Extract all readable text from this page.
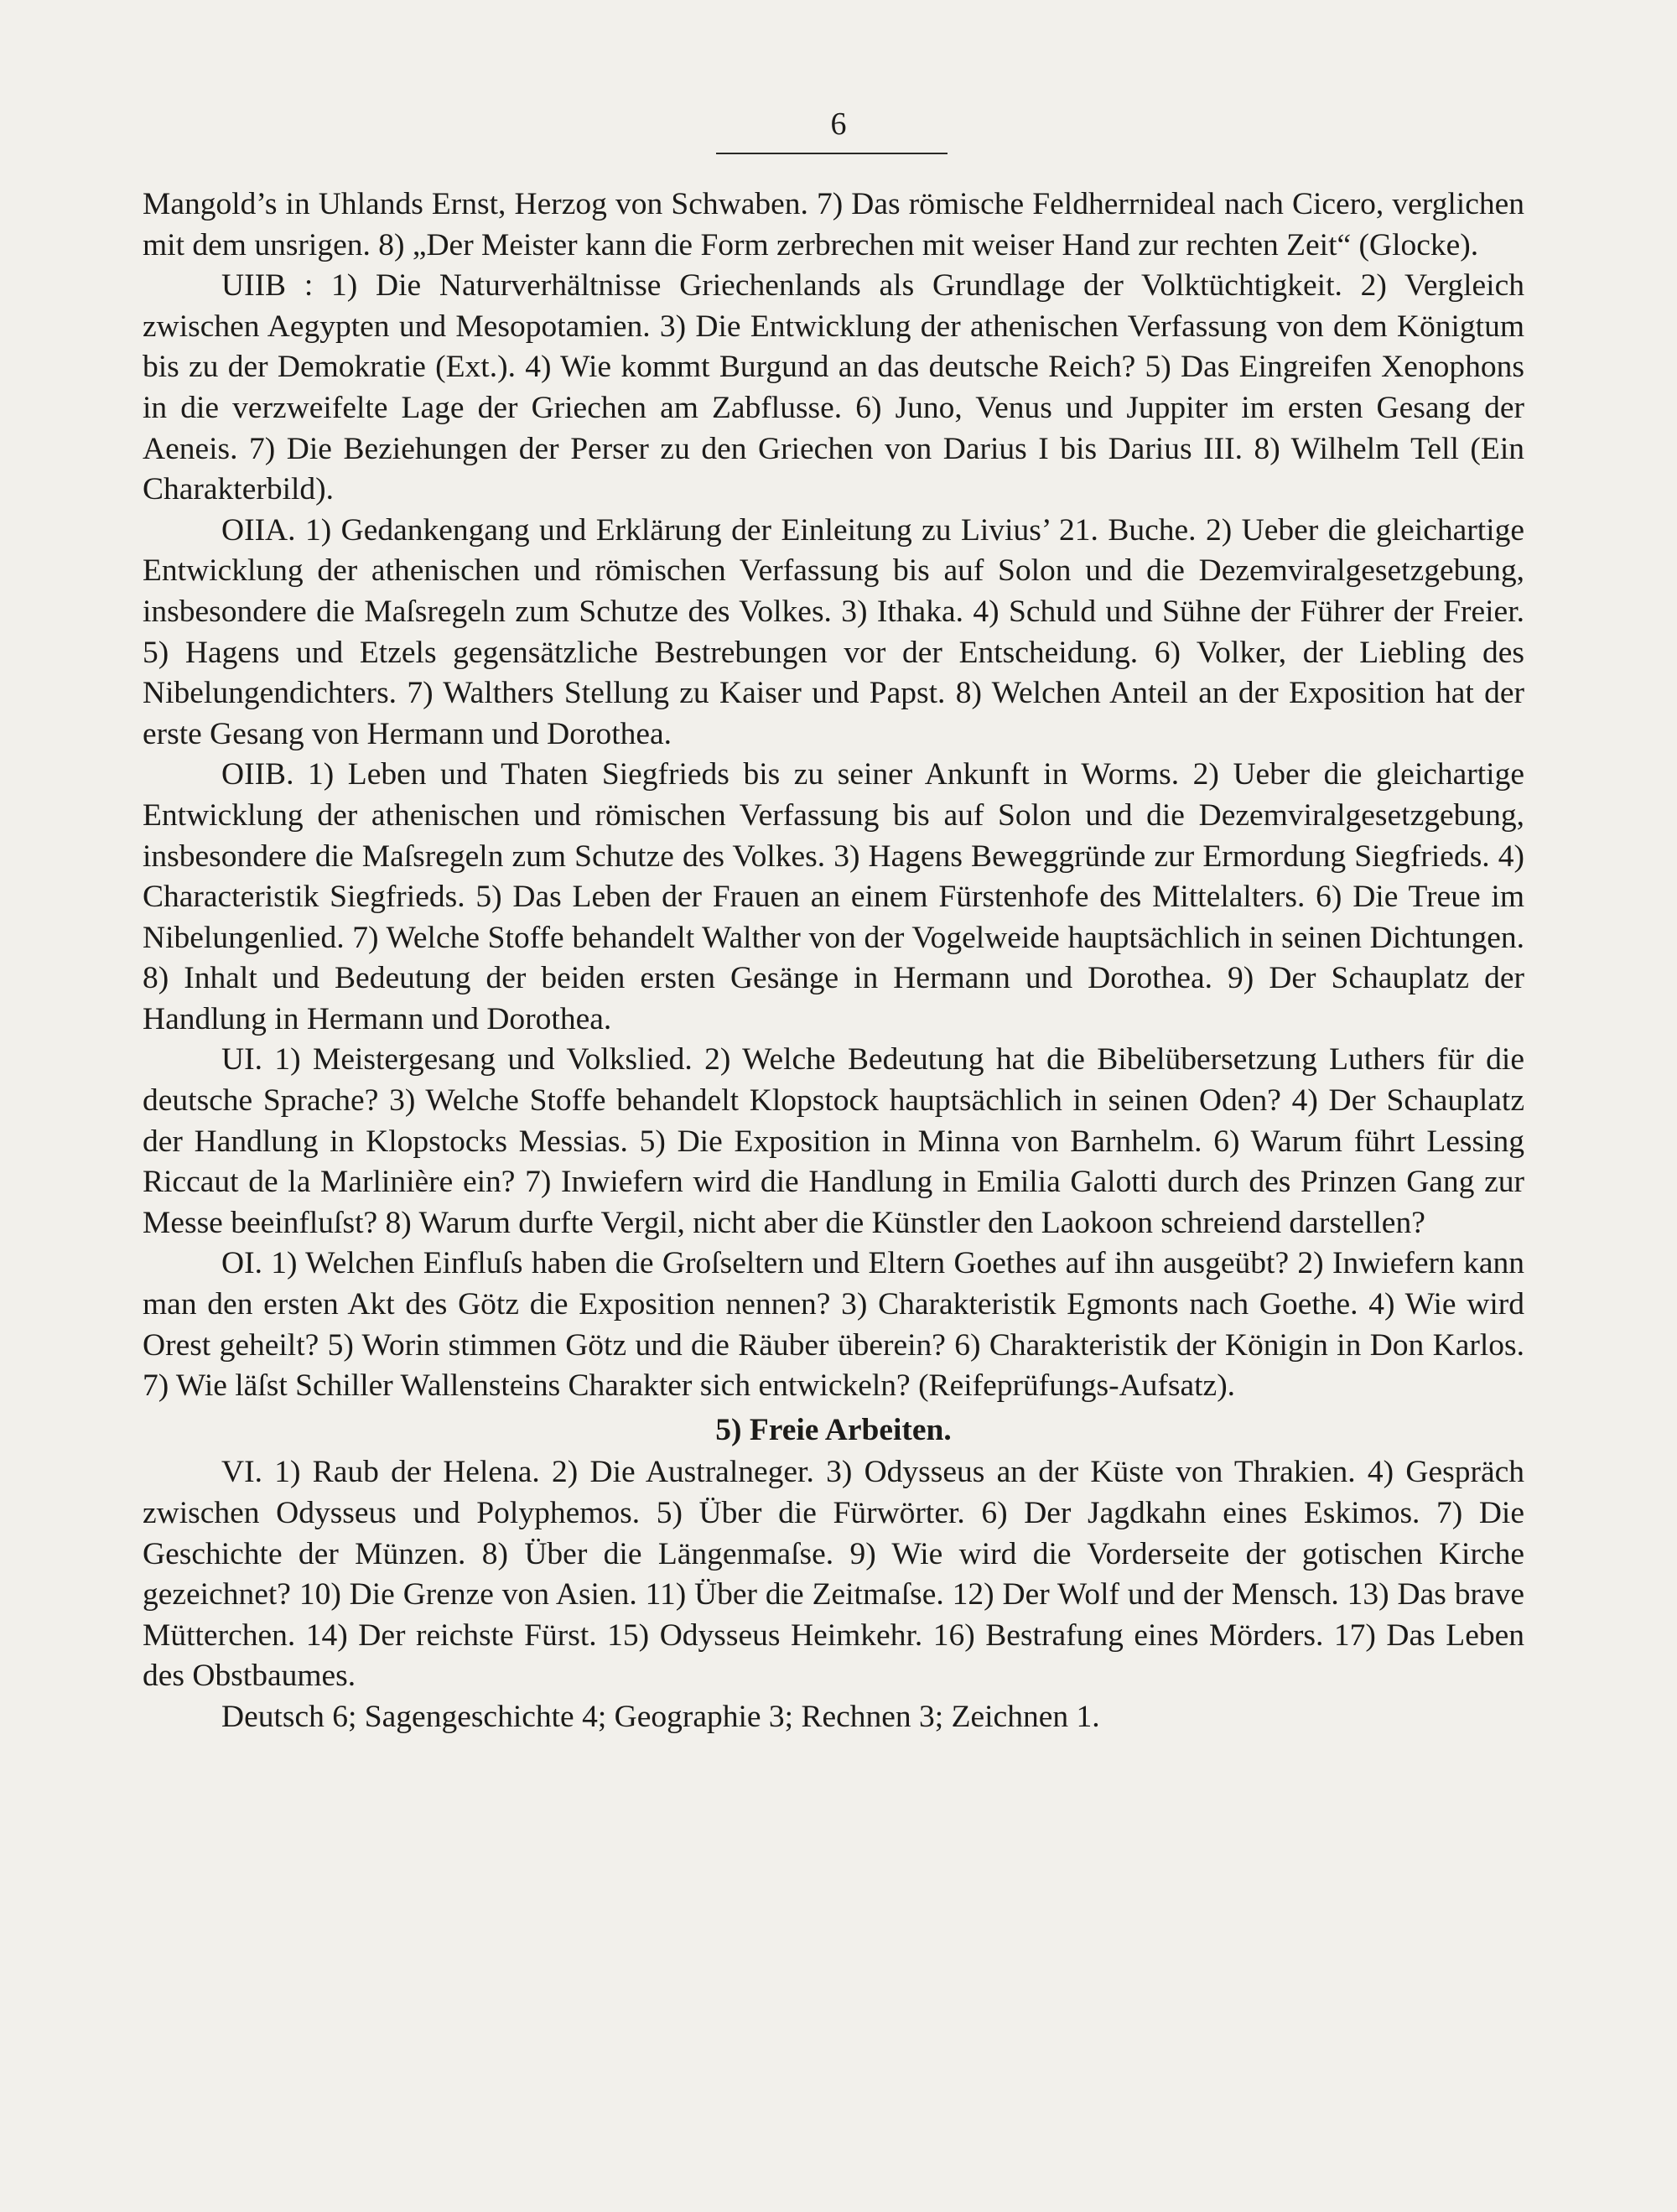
6

Mangold’s in Uhlands Ernst, Herzog von Schwaben. 7) Das römische Feldherrnideal nach Cicero, verglichen mit dem unsrigen. 8) „Der Meister kann die Form zerbrechen mit weiser Hand zur rechten Zeit“ (Glocke).

UIIB : 1) Die Naturverhältnisse Griechenlands als Grundlage der Volktüchtigkeit. 2) Vergleich zwischen Aegypten und Mesopotamien. 3) Die Entwicklung der athenischen Verfassung von dem Königtum bis zu der Demokratie (Ext.). 4) Wie kommt Burgund an das deutsche Reich? 5) Das Eingreifen Xenophons in die verzweifelte Lage der Griechen am Zabflusse. 6) Juno, Venus und Juppiter im ersten Gesang der Aeneis. 7) Die Beziehungen der Perser zu den Griechen von Darius I bis Darius III. 8) Wilhelm Tell (Ein Charakterbild).

OIIA. 1) Gedankengang und Erklärung der Einleitung zu Livius’ 21. Buche. 2) Ueber die gleichartige Entwicklung der athenischen und römischen Verfassung bis auf Solon und die Dezemviralgesetzgebung, insbesondere die Maſsregeln zum Schutze des Volkes. 3) Ithaka. 4) Schuld und Sühne der Führer der Freier. 5) Hagens und Etzels gegensätzliche Bestrebungen vor der Entscheidung. 6) Volker, der Liebling des Nibelungendichters. 7) Walthers Stellung zu Kaiser und Papst. 8) Welchen Anteil an der Exposition hat der erste Gesang von Hermann und Dorothea.

OIIB. 1) Leben und Thaten Siegfrieds bis zu seiner Ankunft in Worms. 2) Ueber die gleichartige Entwicklung der athenischen und römischen Verfassung bis auf Solon und die Dezemviralgesetzgebung, insbesondere die Maſsregeln zum Schutze des Volkes. 3) Hagens Beweggründe zur Ermordung Siegfrieds. 4) Characteristik Siegfrieds. 5) Das Leben der Frauen an einem Fürstenhofe des Mittelalters. 6) Die Treue im Nibelungenlied. 7) Welche Stoffe behandelt Walther von der Vogelweide hauptsächlich in seinen Dichtungen. 8) Inhalt und Bedeutung der beiden ersten Gesänge in Hermann und Dorothea. 9) Der Schauplatz der Handlung in Hermann und Dorothea.

UI. 1) Meistergesang und Volkslied. 2) Welche Bedeutung hat die Bibelübersetzung Luthers für die deutsche Sprache? 3) Welche Stoffe behandelt Klopstock hauptsächlich in seinen Oden? 4) Der Schauplatz der Handlung in Klopstocks Messias. 5) Die Exposition in Minna von Barnhelm. 6) Warum führt Lessing Riccaut de la Marlinière ein? 7) Inwiefern wird die Handlung in Emilia Galotti durch des Prinzen Gang zur Messe beeinfluſst? 8) Warum durfte Vergil, nicht aber die Künstler den Laokoon schreiend darstellen?

OI. 1) Welchen Einfluſs haben die Groſseltern und Eltern Goethes auf ihn ausgeübt? 2) Inwiefern kann man den ersten Akt des Götz die Exposition nennen? 3) Charakteristik Egmonts nach Goethe. 4) Wie wird Orest geheilt? 5) Worin stimmen Götz und die Räuber überein? 6) Charakteristik der Königin in Don Karlos. 7) Wie läſst Schiller Wallensteins Charakter sich entwickeln? (Reifeprüfungs-Aufsatz).

5) Freie Arbeiten.

VI. 1) Raub der Helena. 2) Die Australneger. 3) Odysseus an der Küste von Thrakien. 4) Gespräch zwischen Odysseus und Polyphemos. 5) Über die Fürwörter. 6) Der Jagdkahn eines Eskimos. 7) Die Geschichte der Münzen. 8) Über die Längenmaſse. 9) Wie wird die Vorderseite der gotischen Kirche gezeichnet? 10) Die Grenze von Asien. 11) Über die Zeitmaſse. 12) Der Wolf und der Mensch. 13) Das brave Mütterchen. 14) Der reichste Fürst. 15) Odysseus Heimkehr. 16) Bestrafung eines Mörders. 17) Das Leben des Obstbaumes.

Deutsch 6; Sagengeschichte 4; Geographie 3; Rechnen 3; Zeichnen 1.
